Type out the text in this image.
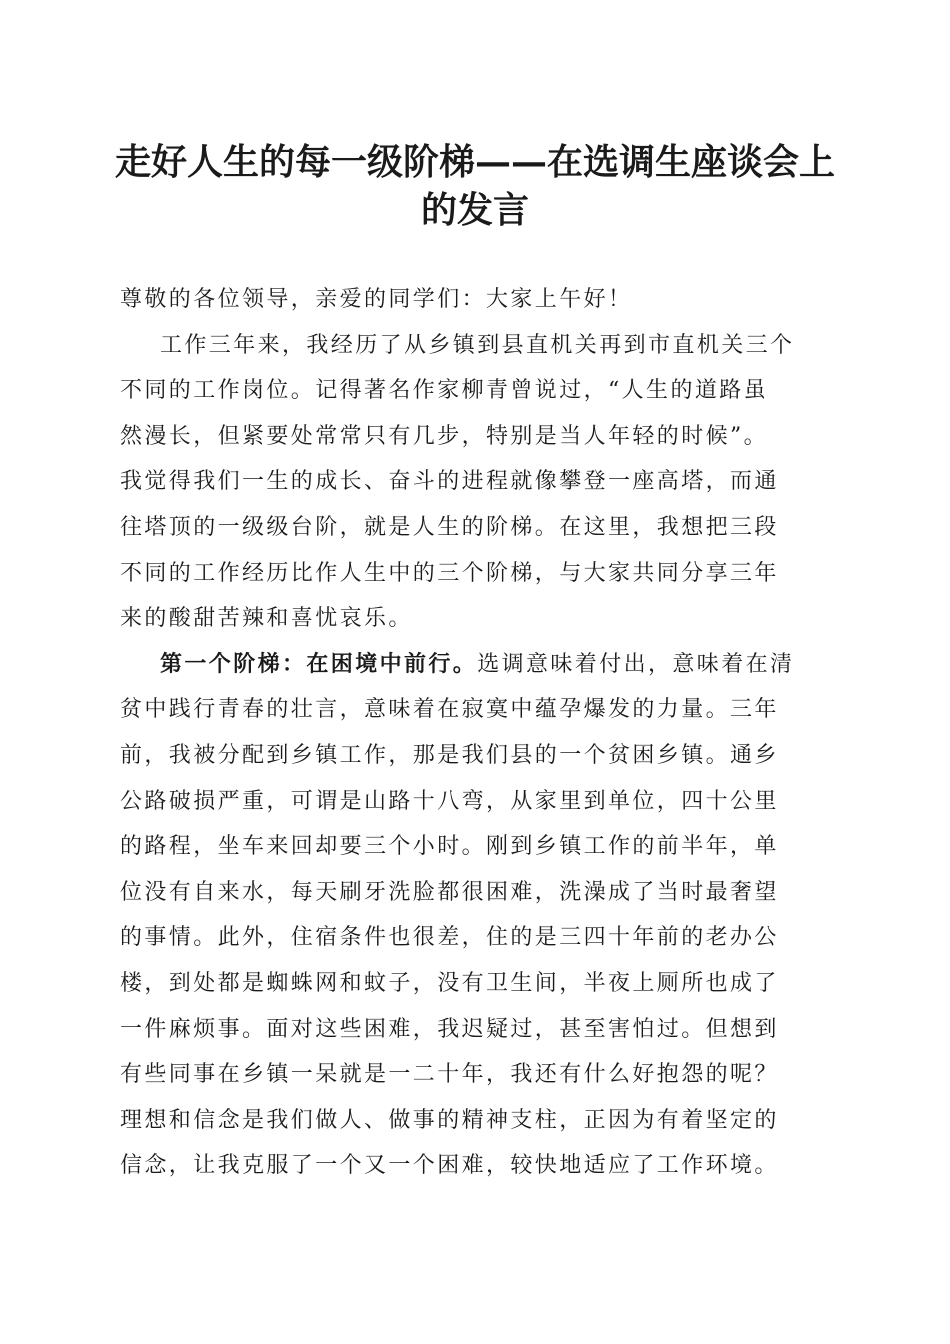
走好人生的每一级阶梯——在选调生座谈会上
的发言
尊敬的各位领导，亲爱的同学们：大家上午好！
工作三年来，我经历了从乡镇到县直机关再到市直机关三个
不同的工作岗位。记得著名作家柳青曾说过，“人生的道路虽
然漫长，但紧要处常常只有几步，特别是当人年轻的时候”。
我觉得我们一生的成长、奋斗的进程就像攀登一座高塔，而通
往塔顶的一级级台阶，就是人生的阶梯。在这里，我想把三段
不同的工作经历比作人生中的三个阶梯，与大家共同分享三年
来的酸甜苦辣和喜忧哀乐。
第一个阶梯：在困境中前行。选调意味着付出，意味着在清
贫中践行青春的壮言，意味着在寂寞中蕴孕爆发的力量。三年
前，我被分配到乡镇工作，那是我们县的一个贫困乡镇。通乡
公路破损严重，可谓是山路十八弯，从家里到单位，四十公里
的路程，坐车来回却要三个小时。刚到乡镇工作的前半年，单
位没有自来水，每天刷牙洗脸都很困难，洗澡成了当时最奢望
的事情。此外，住宿条件也很差，住的是三四十年前的老办公
楼，到处都是蜘蛛网和蚊子，没有卫生间，半夜上厕所也成了
一件麻烦事。面对这些困难，我迟疑过，甚至害怕过。但想到
有些同事在乡镇一呆就是一二十年，我还有什么好抱怨的呢？
理想和信念是我们做人、做事的精神支柱，正因为有着坚定的
信念，让我克服了一个又一个困难，较快地适应了工作环境。
